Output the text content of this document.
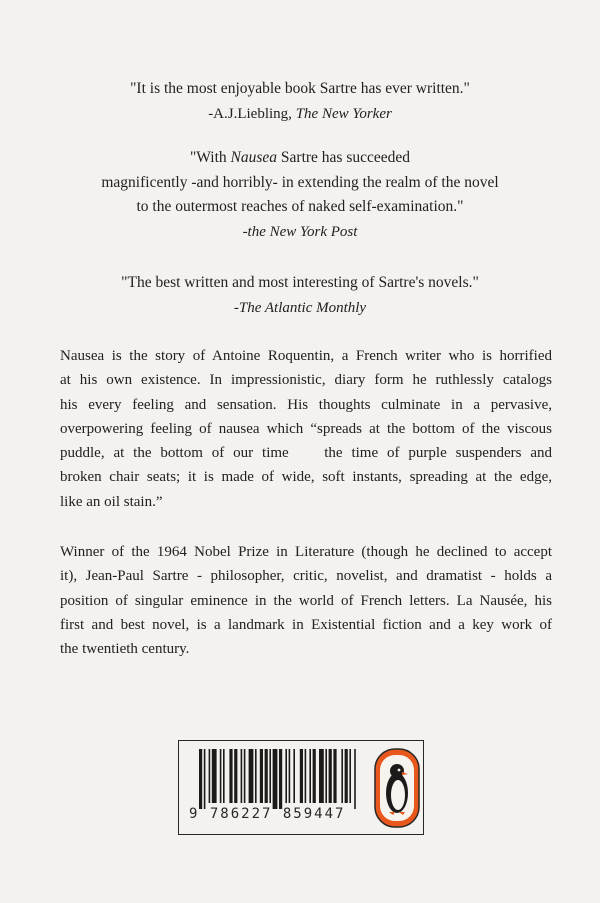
"It is the most enjoyable book Sartre has ever written."
-A.J.Liebling, The New Yorker
"With Nausea Sartre has succeeded
magnificently -and horribly- in extending the realm of the novel
to the outermost reaches of naked self-examination."
-the New York Post
"The best written and most interesting of Sartre's novels."
-The Atlantic Monthly
Nausea is the story of Antoine Roquentin, a French writer who is horrified
at his own existence. In impressionistic, diary form he ruthlessly catalogs
his every feeling and sensation. His thoughts culminate in a pervasive,
overpowering feeling of nausea which “spreads at the bottom of the viscous
puddle, at the bottom of our time    the time of purple suspenders and
broken chair seats; it is made of wide, soft instants, spreading at the edge,
like an oil stain.”
Winner of the 1964 Nobel Prize in Literature (though he declined to accept
it), Jean-Paul Sartre - philosopher, critic, novelist, and dramatist - holds a
position of singular eminence in the world of French letters. La Nausée, his
first and best novel, is a landmark in Existential fiction and a key work of
the twentieth century.
9 786227 859447
